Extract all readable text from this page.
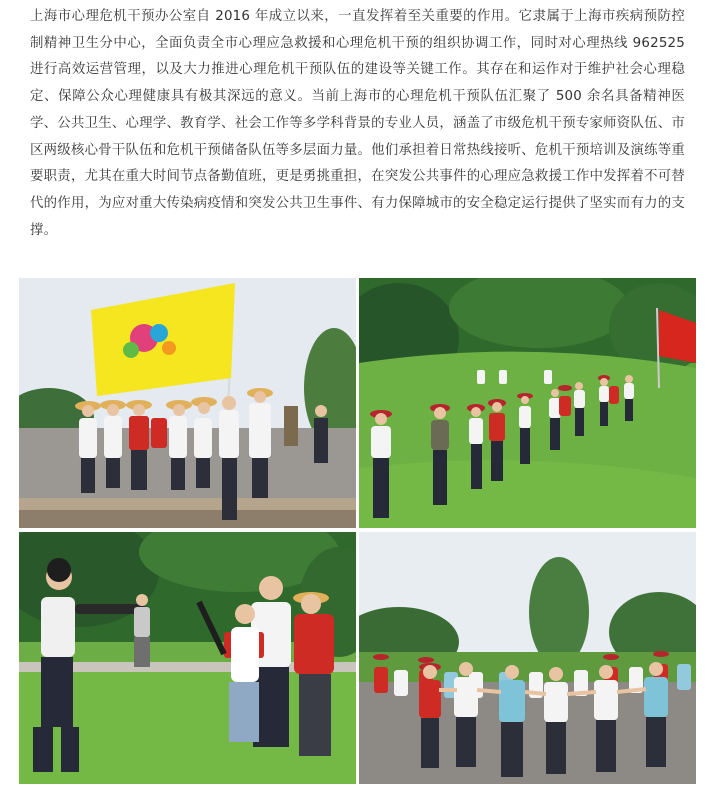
上海市心理危机干预办公室自 2016 年成立以来，一直发挥着至关重要的作用。它隶属于上海市疾病预防控制精神卫生分中心，全面负责全市心理应急救援和心理危机干预的组织协调工作，同时对心理热线 962525 进行高效运营管理，以及大力推进心理危机干预队伍的建设等关键工作。其存在和运作对于维护社会心理稳定、保障公众心理健康具有极其深远的意义。当前上海市的心理危机干预队伍汇聚了 500 余名具备精神医学、公共卫生、心理学、教育学、社会工作等多学科背景的专业人员，涵盖了市级危机干预专家师资队伍、市区两级核心骨干队伍和危机干预储备队伍等多层面力量。他们承担着日常热线接听、危机干预培训及演练等重要职责，尤其在重大时间节点备勤值班，更是勇挑重担，在突发公共事件的心理应急救援工作中发挥着不可替代的作用，为应对重大传染病疫情和突发公共卫生事件、有力保障城市的安全稳定运行提供了坚实而有力的支撑。
